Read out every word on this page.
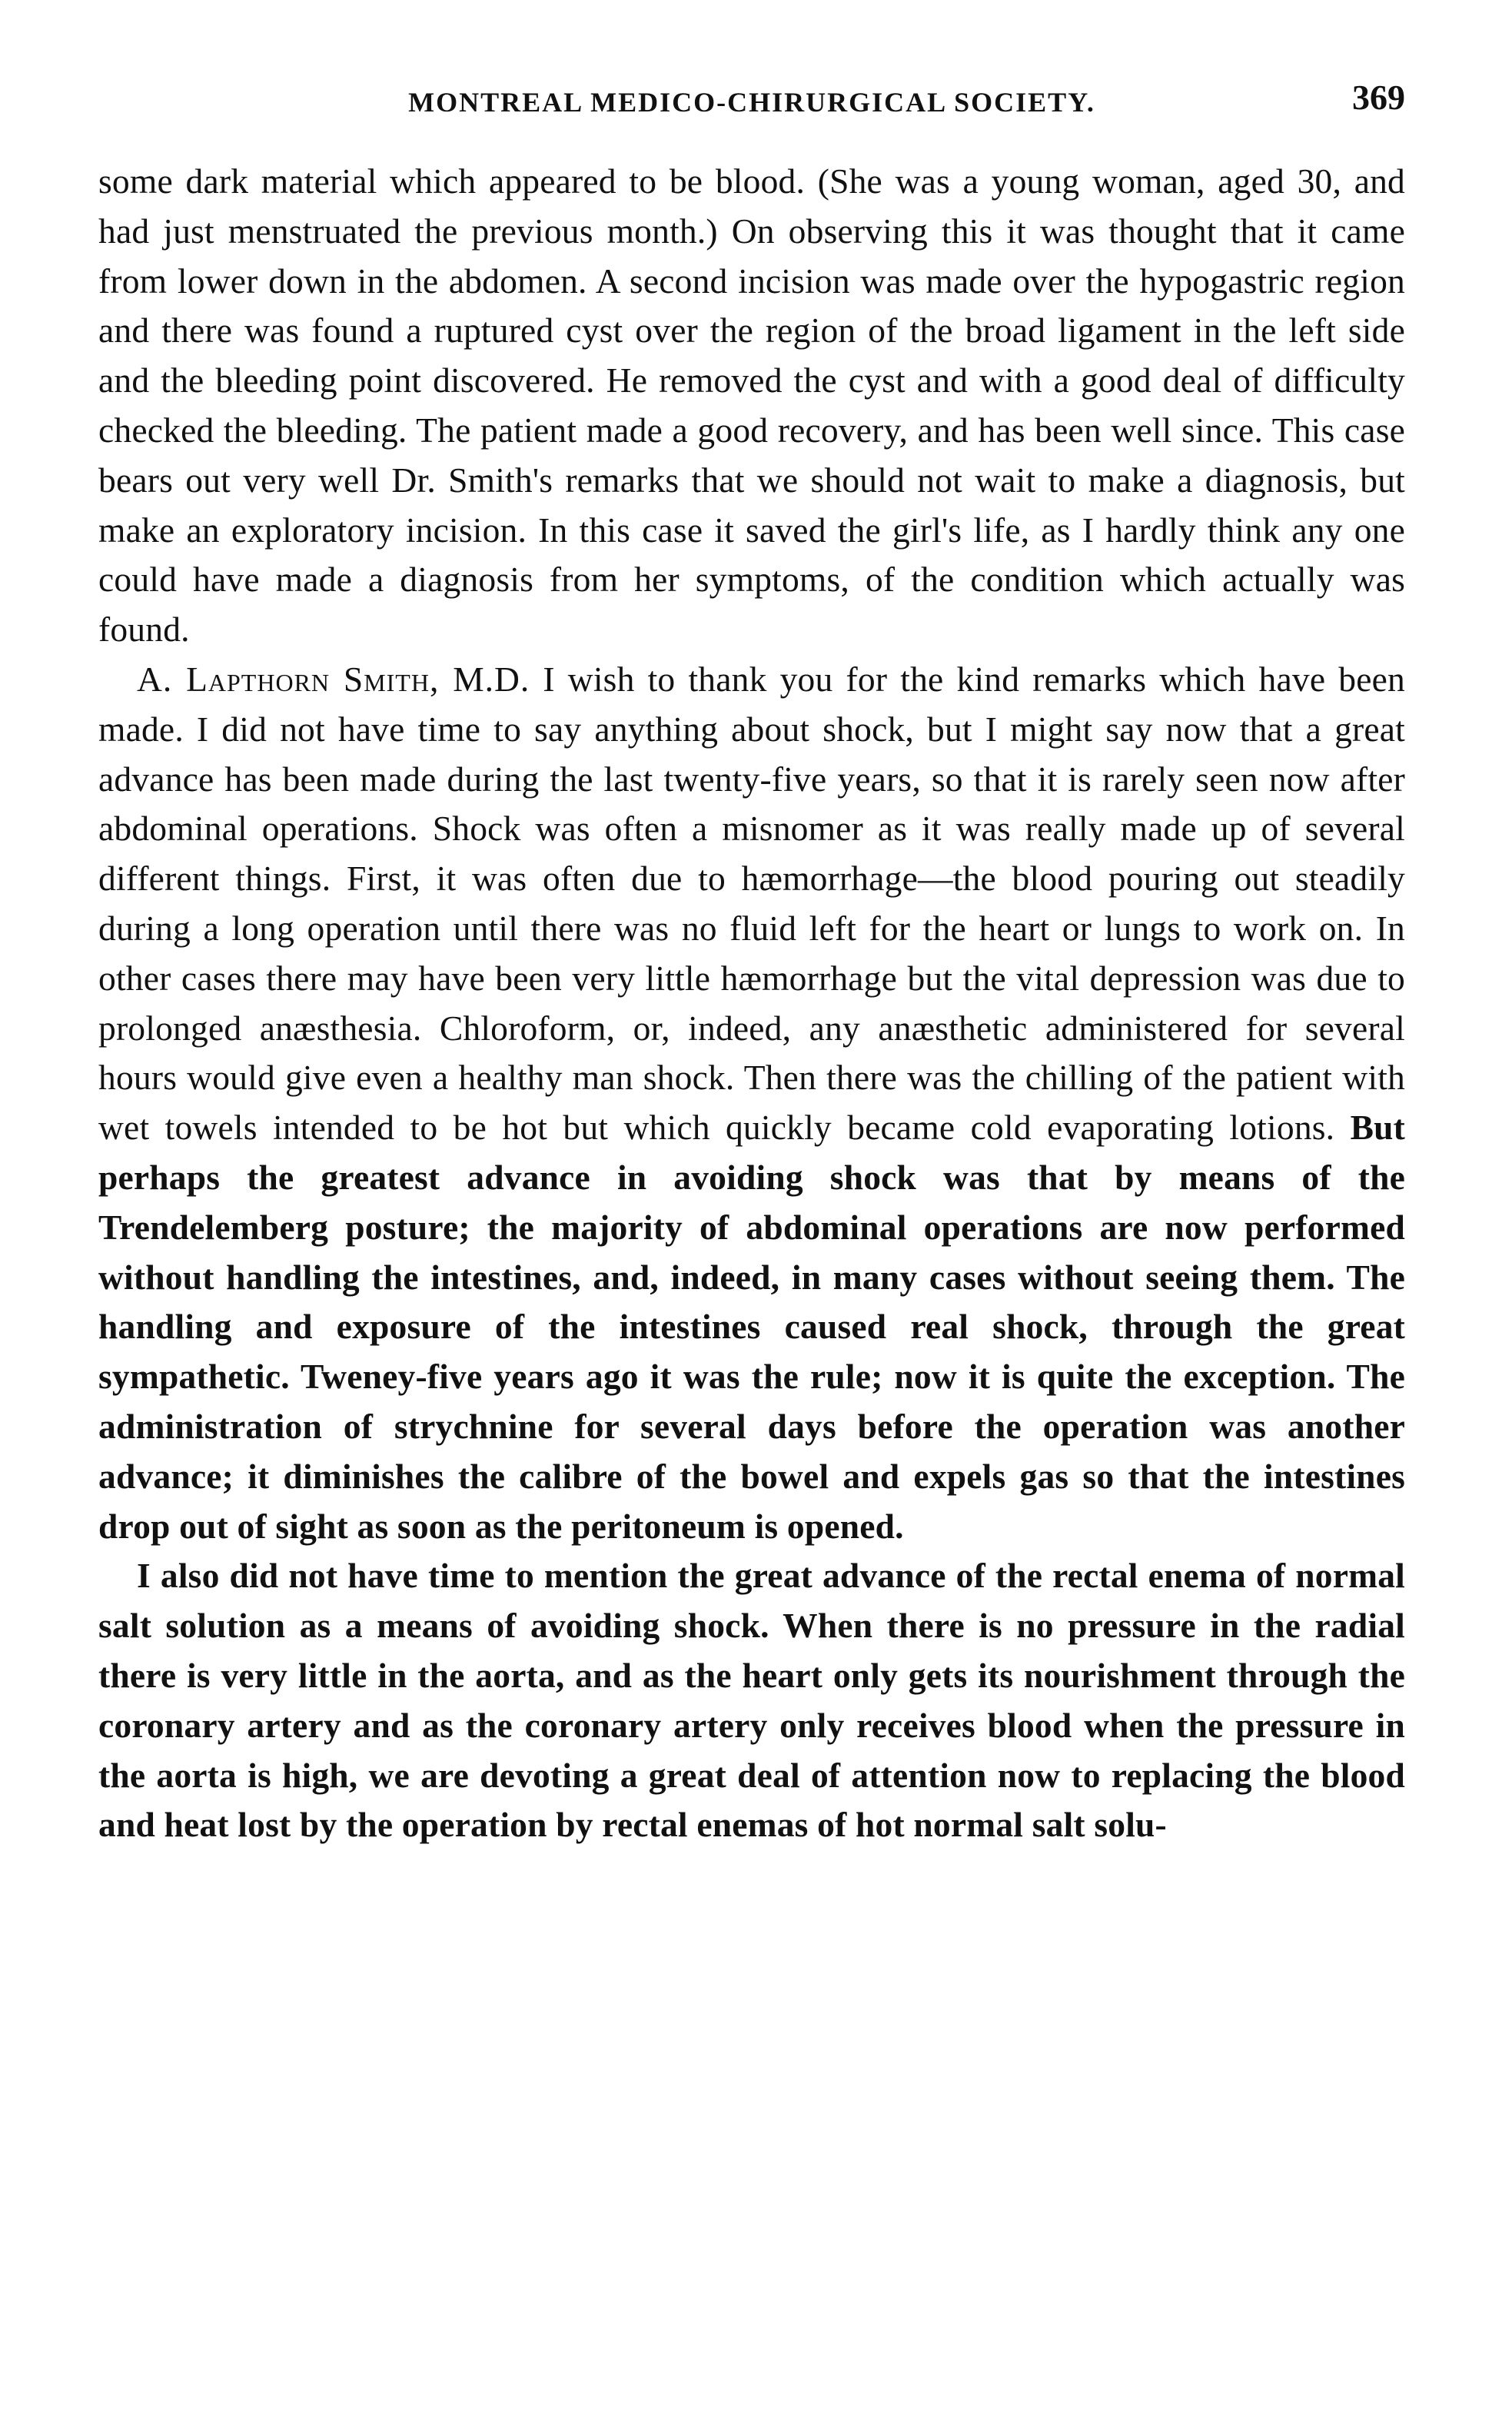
MONTREAL MEDICO-CHIRURGICAL SOCIETY.	369

some dark material which appeared to be blood. (She was a young woman, aged 30, and had just menstruated the previous month.) On observing this it was thought that it came from lower down in the abdomen. A second incision was made over the hypogastric region and there was found a ruptured cyst over the region of the broad ligament in the left side and the bleeding point discovered. He removed the cyst and with a good deal of difficulty checked the bleeding. The patient made a good recovery, and has been well since. This case bears out very well Dr. Smith's remarks that we should not wait to make a diagnosis, but make an exploratory incision. In this case it saved the girl's life, as I hardly think any one could have made a diagnosis from her symptoms, of the condition which actually was found.

A. Lapthorn Smith, M.D. I wish to thank you for the kind remarks which have been made. I did not have time to say anything about shock, but I might say now that a great advance has been made during the last twenty-five years, so that it is rarely seen now after abdominal operations. Shock was often a misnomer as it was really made up of several different things. First, it was often due to hæmorrhage—the blood pouring out steadily during a long operation until there was no fluid left for the heart or lungs to work on. In other cases there may have been very little hæmorrhage but the vital depression was due to prolonged anæsthesia. Chloroform, or, indeed, any anæsthetic administered for several hours would give even a healthy man shock. Then there was the chilling of the patient with wet towels intended to be hot but which quickly became cold evaporating lotions. But perhaps the greatest advance in avoiding shock was that by means of the Trendelemberg posture; the majority of abdominal operations are now performed without handling the intestines, and, indeed, in many cases without seeing them. The handling and exposure of the intestines caused real shock, through the great sympathetic. Tweney-five years ago it was the rule; now it is quite the exception. The administration of strychnine for several days before the operation was another advance; it diminishes the calibre of the bowel and expels gas so that the intestines drop out of sight as soon as the peritoneum is opened.

I also did not have time to mention the great advance of the rectal enema of normal salt solution as a means of avoiding shock. When there is no pressure in the radial there is very little in the aorta, and as the heart only gets its nourishment through the coronary artery and as the coronary artery only receives blood when the pressure in the aorta is high, we are devoting a great deal of attention now to replacing the blood and heat lost by the operation by rectal enemas of hot normal salt solu-
